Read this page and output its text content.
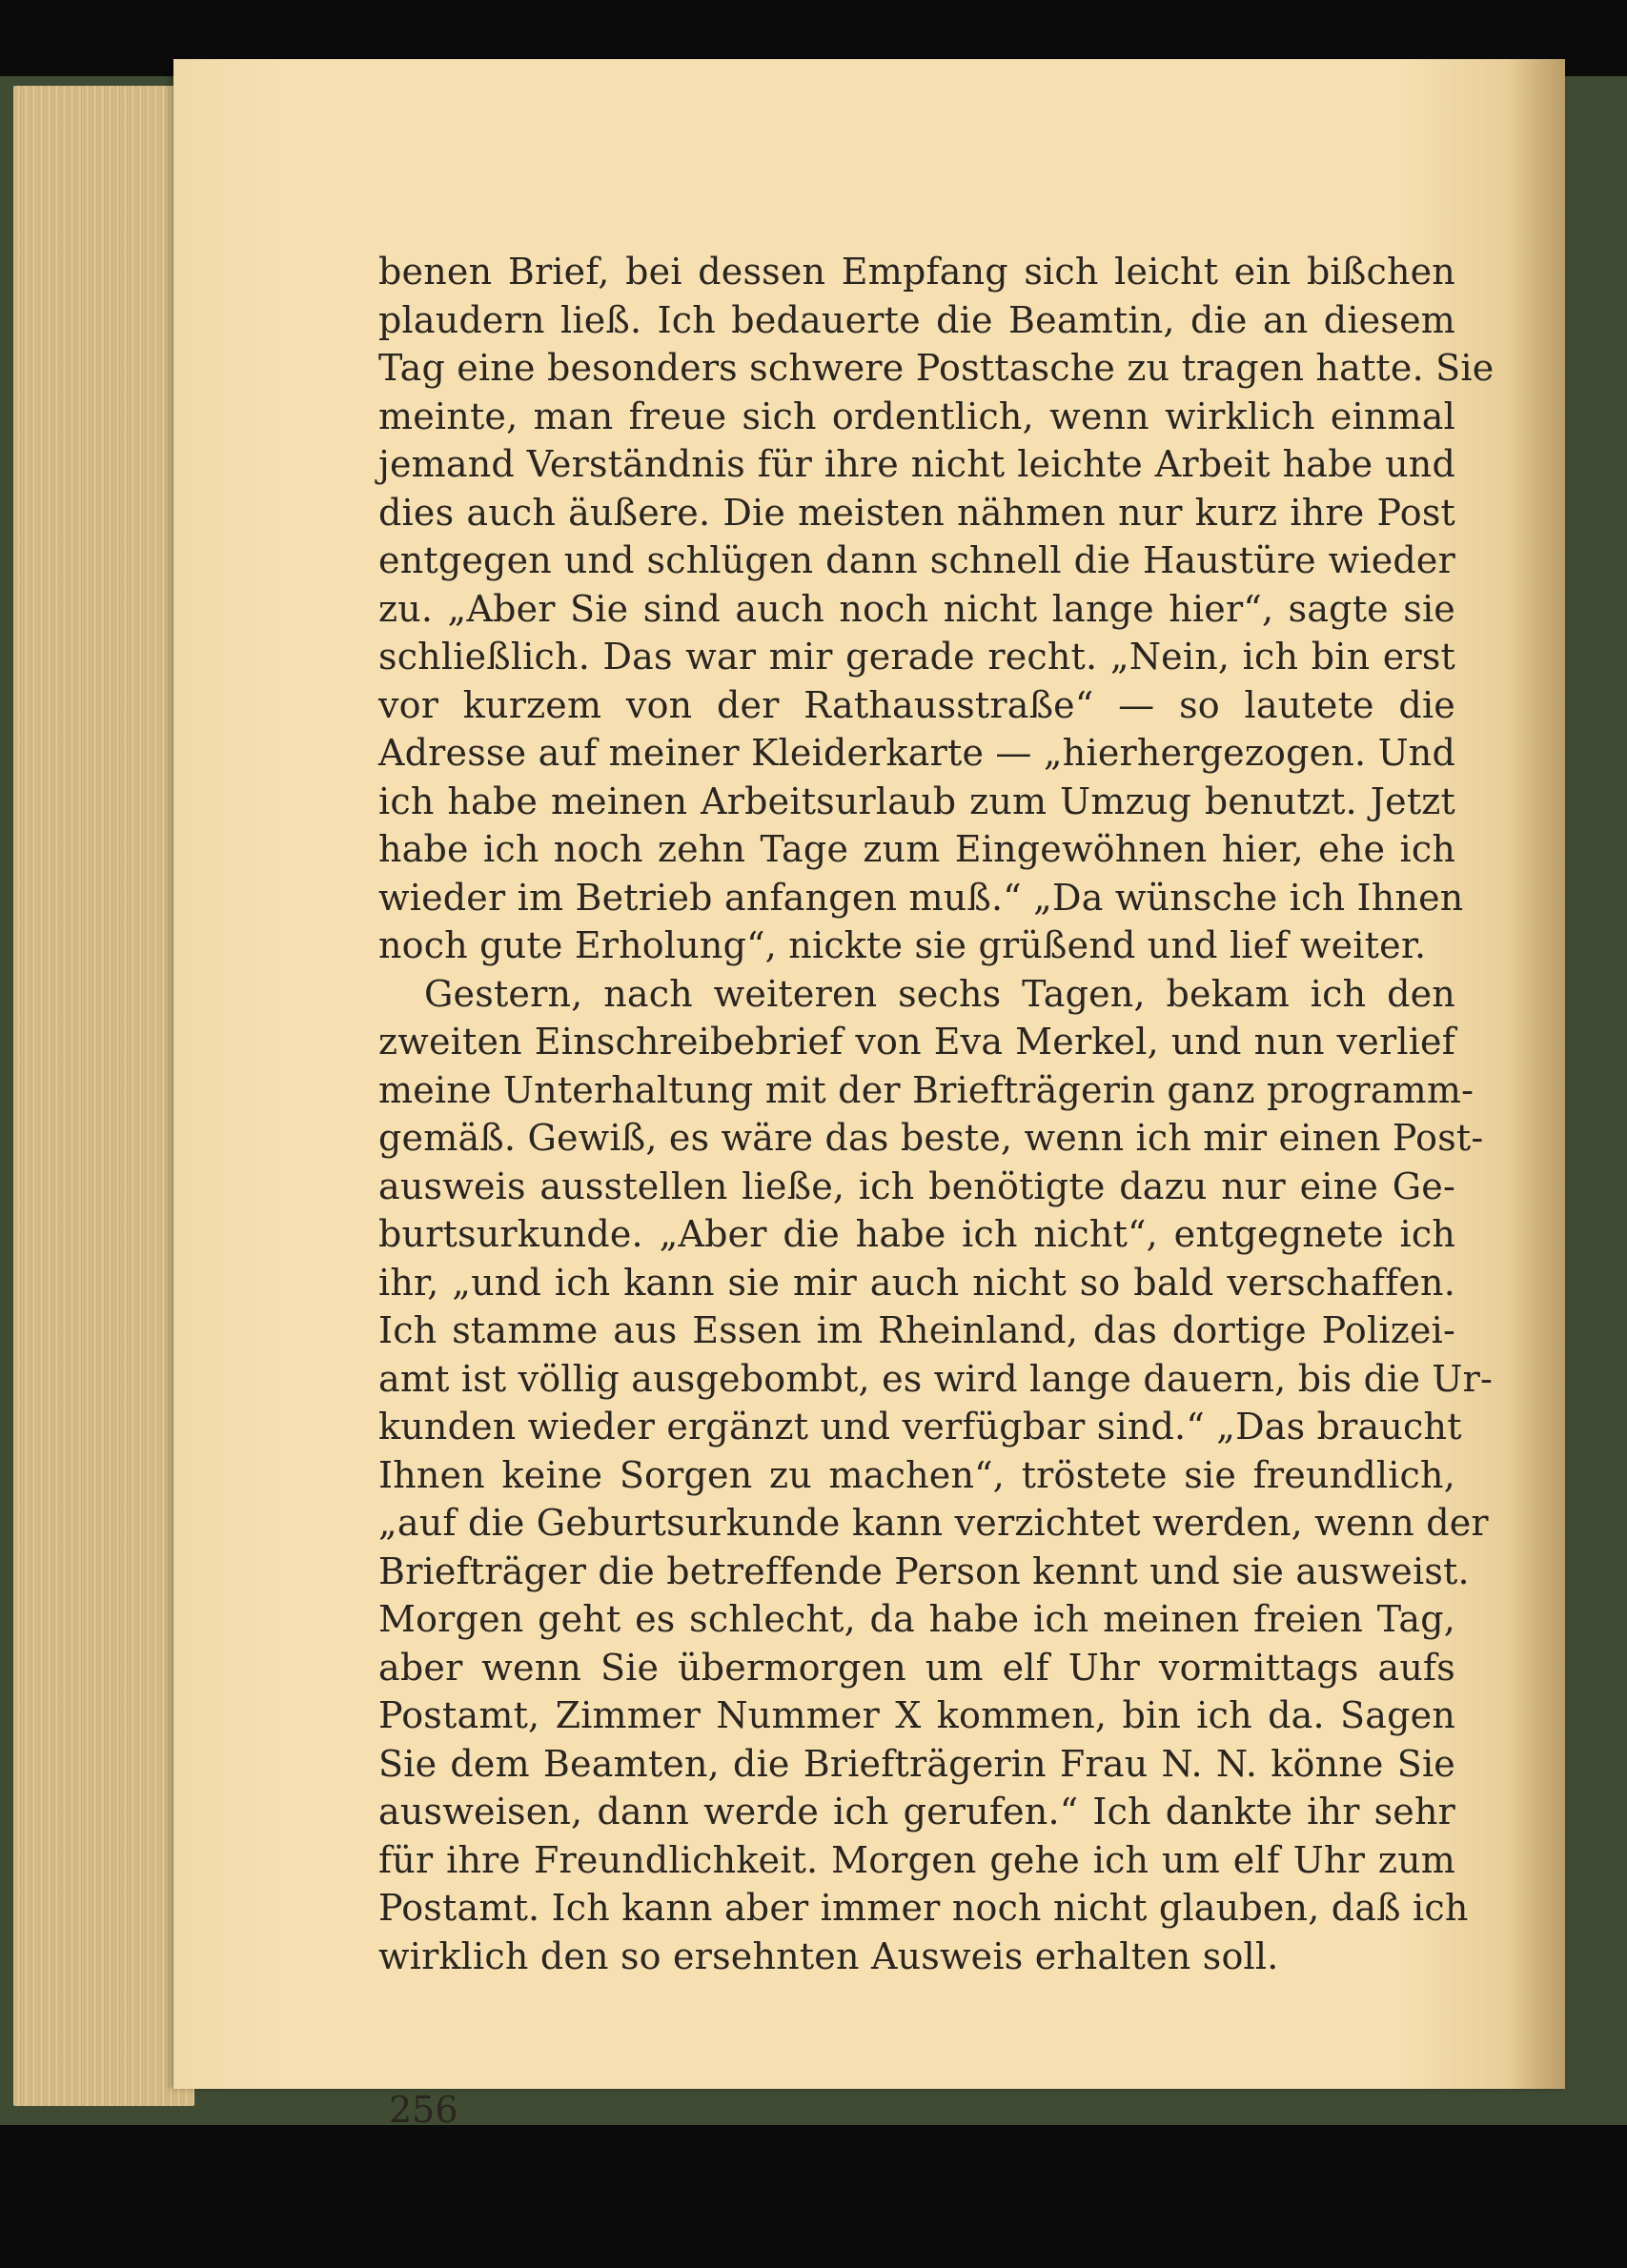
benen Brief, bei dessen Empfang sich leicht ein bißchen
plaudern ließ. Ich bedauerte die Beamtin, die an diesem
Tag eine besonders schwere Posttasche zu tragen hatte. Sie
meinte, man freue sich ordentlich, wenn wirklich einmal
jemand Verständnis für ihre nicht leichte Arbeit habe und
dies auch äußere. Die meisten nähmen nur kurz ihre Post
entgegen und schlügen dann schnell die Haustüre wieder
zu. „Aber Sie sind auch noch nicht lange hier“, sagte sie
schließlich. Das war mir gerade recht. „Nein, ich bin erst
vor kurzem von der Rathausstraße“ — so lautete die
Adresse auf meiner Kleiderkarte — „hierhergezogen. Und
ich habe meinen Arbeitsurlaub zum Umzug benutzt. Jetzt
habe ich noch zehn Tage zum Eingewöhnen hier, ehe ich
wieder im Betrieb anfangen muß.“ „Da wünsche ich Ihnen
noch gute Erholung“, nickte sie grüßend und lief weiter.
Gestern, nach weiteren sechs Tagen, bekam ich den
zweiten Einschreibebrief von Eva Merkel, und nun verlief
meine Unterhaltung mit der Briefträgerin ganz programm-
gemäß. Gewiß, es wäre das beste, wenn ich mir einen Post-
ausweis ausstellen ließe, ich benötigte dazu nur eine Ge-
burtsurkunde. „Aber die habe ich nicht“, entgegnete ich
ihr, „und ich kann sie mir auch nicht so bald verschaffen.
Ich stamme aus Essen im Rheinland, das dortige Polizei-
amt ist völlig ausgebombt, es wird lange dauern, bis die Ur-
kunden wieder ergänzt und verfügbar sind.“ „Das braucht
Ihnen keine Sorgen zu machen“, tröstete sie freundlich,
„auf die Geburtsurkunde kann verzichtet werden, wenn der
Briefträger die betreffende Person kennt und sie ausweist.
Morgen geht es schlecht, da habe ich meinen freien Tag,
aber wenn Sie übermorgen um elf Uhr vormittags aufs
Postamt, Zimmer Nummer X kommen, bin ich da. Sagen
Sie dem Beamten, die Briefträgerin Frau N. N. könne Sie
ausweisen, dann werde ich gerufen.“ Ich dankte ihr sehr
für ihre Freundlichkeit. Morgen gehe ich um elf Uhr zum
Postamt. Ich kann aber immer noch nicht glauben, daß ich
wirklich den so ersehnten Ausweis erhalten soll.
256
